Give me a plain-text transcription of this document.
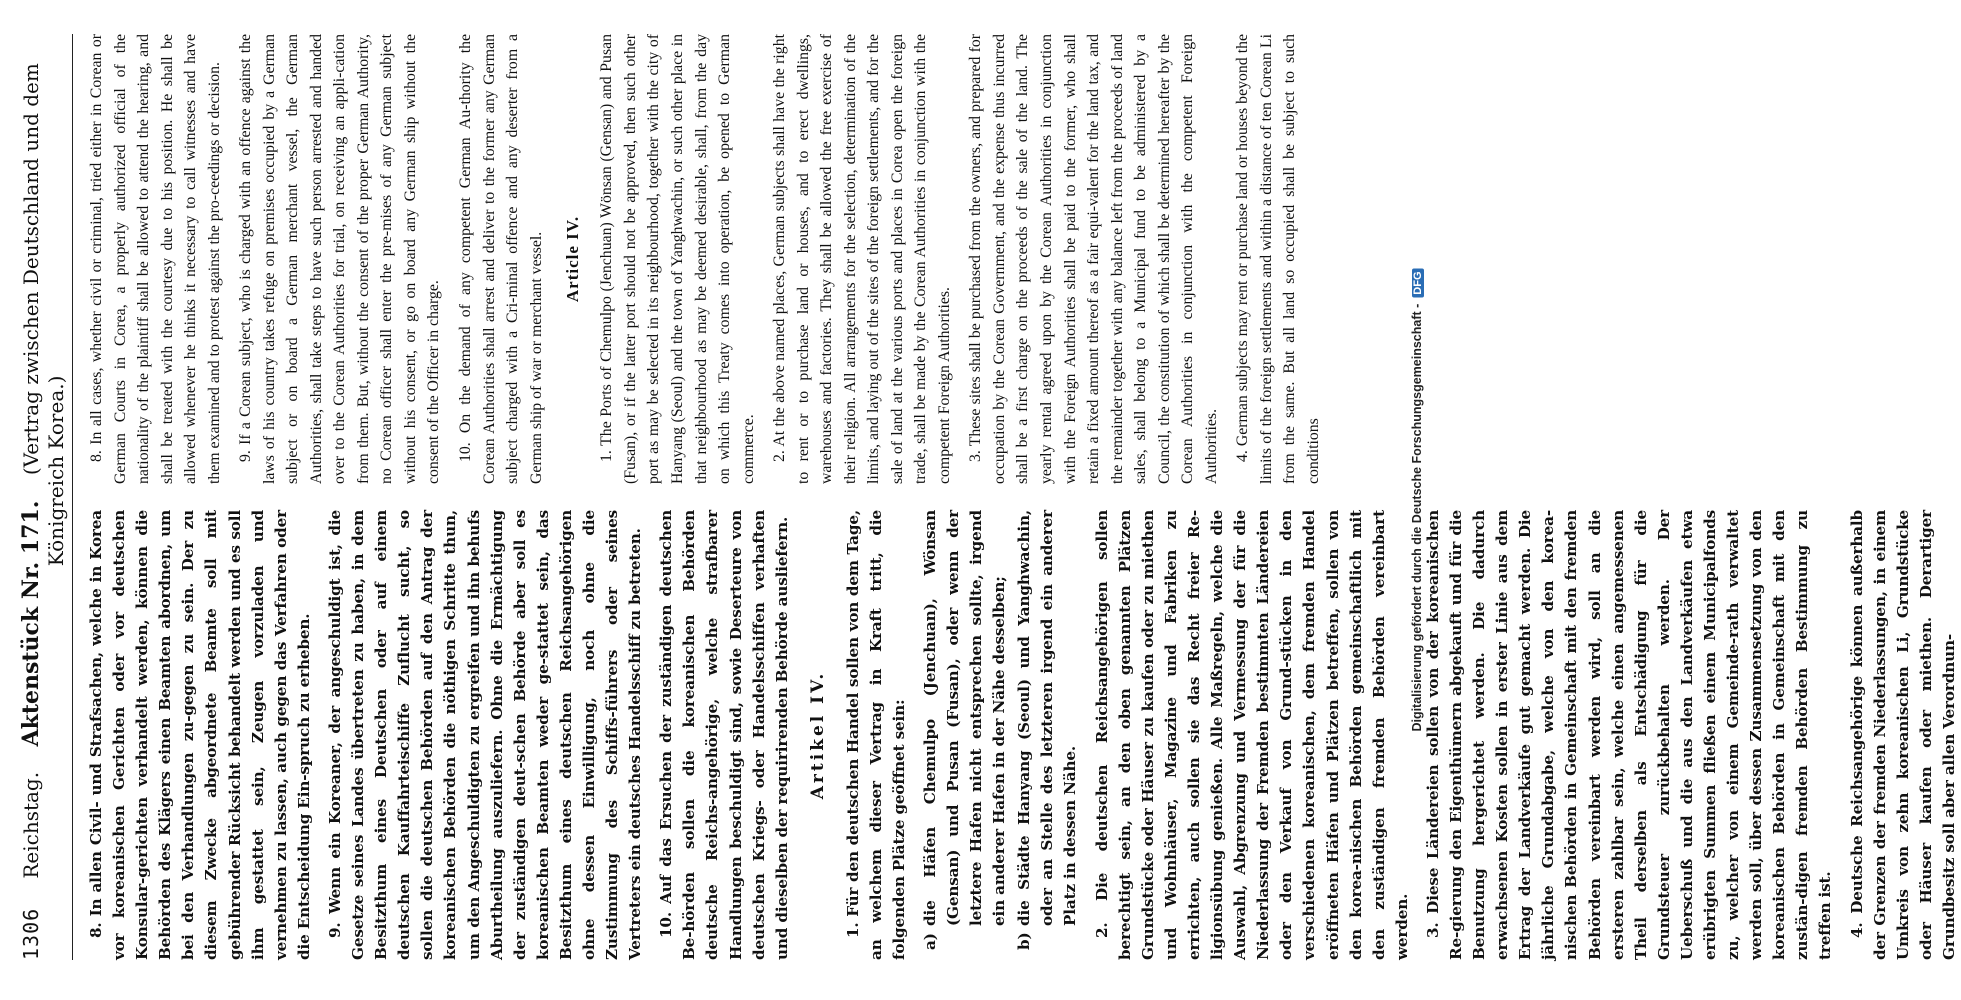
1306
Reichstag.    Aktenstück Nr. 171.    (Vertrag zwischen Deutschland und dem Königreich Korea.)

8. In allen Civil- und Strafsachen, welche in Korea vor koreanischen Gerichten oder vor deutschen Konsular-gerichten verhandelt werden, können die Behörden des Klägers einen Beamten abordnen, um bei den Verhandlungen zu-gegen zu sein. Der zu diesem Zwecke abgeordnete Beamte soll mit gebührender Rücksicht behandelt werden und es soll ihm gestattet sein, Zeugen vorzuladen und vernehmen zu lassen, auch gegen das Verfahren oder die Entscheidung Ein-spruch zu erheben. 9. Wenn ein Koreaner, der angeschuldigt ist, die Gesetze seines Landes übertreten zu haben, in dem Besitzthum eines Deutschen oder auf einem deutschen Kauffahrteischiffe Zuflucht sucht, so sollen die deutschen Behörden auf den Antrag der koreanischen Behörden die nöthigen Schritte thun, um den Angeschuldigten zu ergreifen und ihn behufs Aburtheilung auszuliefern. Ohne die Ermächtigung der zuständigen deut-schen Behörde aber soll es koreanischen Beamten weder ge-stattet sein, das Besitzthum eines deutschen Reichsangehörigen ohne dessen Einwilligung, noch ohne die Zustimmung des Schiffs-führers oder seines Vertreters ein deutsches Handelsschiff zu betreten. 10. Auf das Ersuchen der zuständigen deutschen Be-hörden sollen die koreanischen Behörden deutsche Reichs-angehörige, welche strafbarer Handlungen beschuldigt sind, sowie Deserteure von deutschen Kriegs- oder Handelsschiffen verhaften und dieselben der requirirenden Behörde ausliefern. Artikel IV. 1. Für den deutschen Handel sollen von dem Tage, an welchem dieser Vertrag in Kraft tritt, die folgenden Plätze geöffnet sein: a)
die Häfen Chemulpo (Jenchuan), Wönsan (Gensan) und Pusan (Fusan), oder wenn der letztere Hafen nicht entsprechen sollte, irgend ein anderer Hafen in der Nähe desselben;

b)
die Städte Hanyang (Seoul) und Yanghwachin, oder an Stelle des letzteren irgend ein anderer Platz in dessen Nähe. 2. Die deutschen Reichsangehörigen sollen berechtigt sein, an den oben genannten Plätzen Grundstücke oder Häuser zu kaufen oder zu miethen und Wohnhäuser, Magazine und Fabriken zu errichten, auch sollen sie das Recht freier Re-ligionsübung genießen. Alle Maßregeln, welche die Auswahl, Abgrenzung und Vermessung der für die Niederlassung der Fremden bestimmten Ländereien oder den Verkauf von Grund-stücken in den verschiedenen koreanischen, dem fremden Handel eröffneten Häfen und Plätzen betreffen, sollen von den korea-nischen Behörden gemeinschaftlich mit den zuständigen fremden Behörden vereinbart werden. 3. Diese Ländereien sollen von der koreanischen Re-gierung den Eigenthümern abgekauft und für die Benutzung hergerichtet werden. Die dadurch erwachsenen Kosten sollen in erster Linie aus dem Ertrag der Landverkäufe gut gemacht werden. Die jährliche Grundabgabe, welche von den korea-nischen Behörden in Gemeinschaft mit den fremden Behörden vereinbart werden wird, soll an die ersteren zahlbar sein, welche einen angemessenen Theil derselben als Entschädigung für die Grundsteuer zurückbehalten werden. Der Ueberschuß und die aus den Landverkäufen etwa erübrigten Summen fließen einem Municipalfonds zu, welcher von einem Gemeinde-rath verwaltet werden soll, über dessen Zusammensetzung von den koreanischen Behörden in Gemeinschaft mit den zustän-digen fremden Behörden Bestimmung zu treffen ist. 4. Deutsche Reichsangehörige können außerhalb der Grenzen der fremden Niederlassungen, in einem Umkreis von zehn koreanischen Li, Grundstücke oder Häuser kaufen oder miethen. Derartiger Grundbesitz soll aber allen Verordnun-

8. In all cases, whether civil or criminal, tried either in Corean or German Courts in Corea, a properly authorized official of the nationality of the plaintiff shall be allowed to attend the hearing, and shall be treated with the courtesy due to his position. He shall be allowed whenever he thinks it necessary to call witnesses and have them examined and to protest against the pro-ceedings or decision. 9. If a Corean subject, who is charged with an offence against the laws of his country takes refuge on premises occupied by a German subject or on board a German merchant vessel, the German Authorities, shall take steps to have such person arrested and handed over to the Corean Authorities for trial, on receiving an appli-cation from them. But, without the consent of the proper German Authority, no Corean officer shall enter the pre-mises of any German subject without his consent, or go on board any German ship without the consent of the Officer in charge. 10. On the demand of any competent German Au-thority the Corean Authorities shall arrest and deliver to the former any German subject charged with a Cri-minal offence and any deserter from a German ship of war or merchant vessel. Article IV. 1. The Ports of Chemulpo (Jenchuan) Wönsan (Gensan) and Pusan (Fusan), or if the latter port should not be approved, then such other port as may be selected in its neighbourhood, together with the city of Hanyang (Seoul) and the town of Yanghwachin, or such other place in that neighbourhood as may be deemed desirable, shall, from the day on which this Treaty comes into operation, be opened to German commerce. 2. At the above named places, German subjects shall have the right to rent or to purchase land or houses, and to erect dwellings, warehouses and factories. They shall be allowed the free exercise of their religion. All arrangements for the selection, determination of the limits, and laying out of the sites of the foreign settlements, and for the sale of land at the various ports and places in Corea open the foreign trade, shall be made by the Corean Authorities in conjunction with the competent Foreign Authorities. 3. These sites shall be purchased from the owners, and prepared for occupation by the Corean Government, and the expense thus incurred shall be a first charge on the proceeds of the sale of the land. The yearly rental agreed upon by the Corean Authorities in conjunction with the Foreign Authorities shall be paid to the former, who shall retain a fixed amount thereof as a fair equi-valent for the land tax, and the remainder together with any balance left from the proceeds of land sales, shall belong to a Municipal fund to be administered by a Council, the constitution of which shall be determined hereafter by the Corean Authorities in conjunction with the competent Foreign Authorities. 4. German subjects may rent or purchase land or houses beyond the limits of the foreign settlements and within a distance of ten Corean Li from the same. But all land so occupied shall be subject to such conditions	Digitalisierung gefördert durch die Deutsche Forschungsgemeinschaft -DFG
